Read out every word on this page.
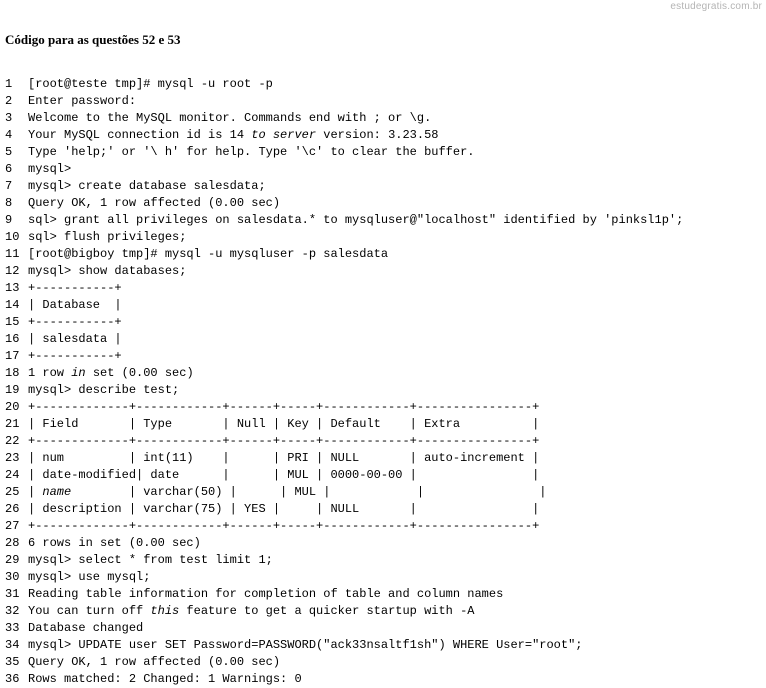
estudegratis.com.br
Código para as questões 52 e 53
1 [root@teste tmp]# mysql -u root -p
2 Enter password:
3 Welcome to the MySQL monitor. Commands end with ; or \g.
4 Your MySQL connection id is 14 to server version: 3.23.58
5 Type 'help;' or '\ h' for help. Type '\c' to clear the buffer.
6 mysql>
7 mysql> create database salesdata;
8 Query OK, 1 row affected (0.00 sec)
9 sql> grant all privileges on salesdata.* to mysqluser@"localhost" identified by 'pinksl1p';
10 sql> flush privileges;
11 [root@bigboy tmp]# mysql -u mysqluser -p salesdata
12 mysql> show databases;
13 +-----------+
14 | Database  |
15 +-----------+
16 | salesdata |
17 +-----------+
18 1 row in set (0.00 sec)
19 mysql> describe test;
20 +-------------+------------+------+-----+------------+----------------+
21 | Field       | Type       | Null | Key | Default    | Extra          |
22 +-------------+------------+------+-----+------------+----------------+
23 | num         | int(11)    |      | PRI | NULL       | auto-increment |
24 | date-modified| date      |      | MUL | 0000-00-00 |                |
25 | name        | varchar(50) |      | MUL |            |                |
26 | description | varchar(75) | YES |     | NULL       |                |
27 +-------------+------------+------+-----+------------+----------------+
28 6 rows in set (0.00 sec)
29 mysql> select * from test limit 1;
30 mysql> use mysql;
31 Reading table information for completion of table and column names
32 You can turn off this feature to get a quicker startup with -A
33 Database changed
34 mysql> UPDATE user SET Password=PASSWORD("ack33nsaltf1sh") WHERE User="root";
35 Query OK, 1 row affected (0.00 sec)
36 Rows matched: 2 Changed: 1 Warnings: 0
